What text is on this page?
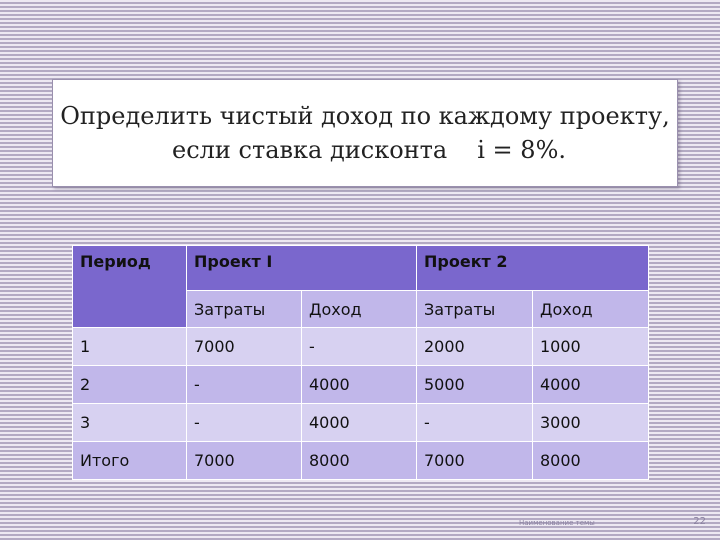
Определить чистый доход по каждому проекту,
если ставка дисконта i = 8%.
Период	Проект I		Проект 2	
	Затраты	Доход	Затраты	Доход
1	7000	-	2000	1000
2	-	4000	5000	4000
3	-	4000	-	3000
Итого	7000	8000	7000	8000
Наименование темы	22
